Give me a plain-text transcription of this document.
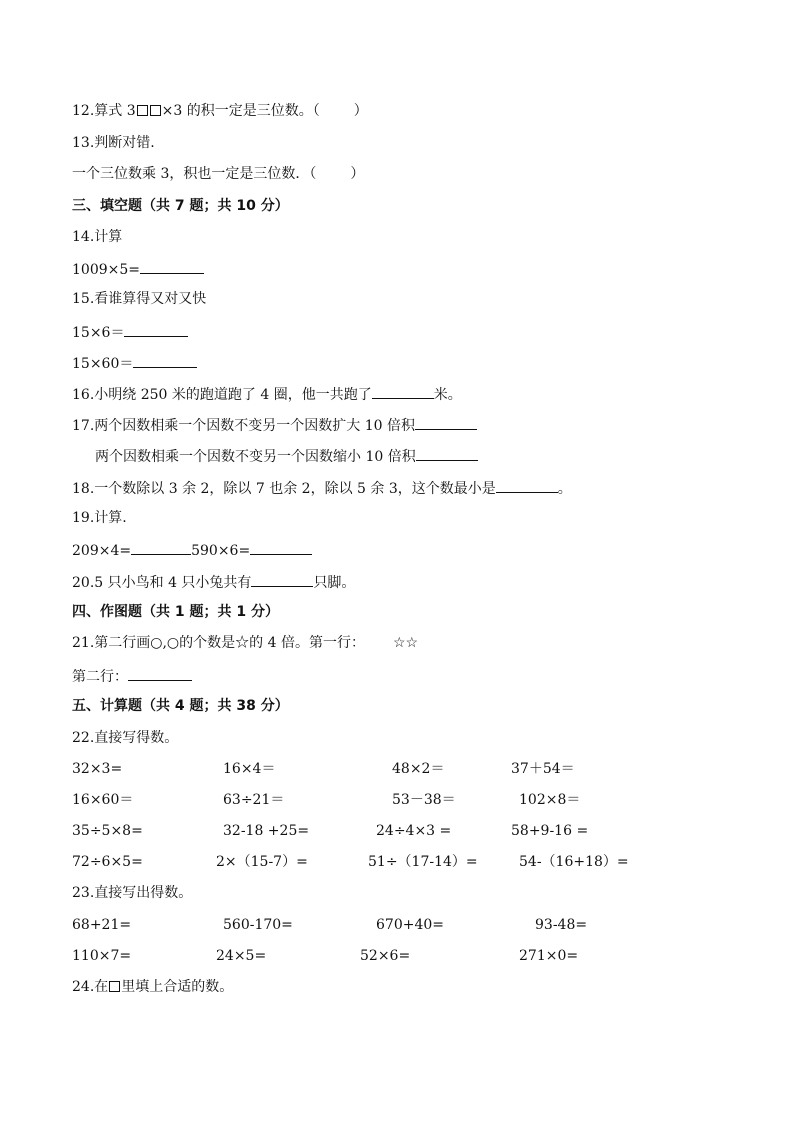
12.算式 3 ×3 的积一定是三位数。（ ）
13.判断对错.
一个三位数乘 3，积也一定是三位数．（ ）
三、填空题（共 7 题；共 10 分）
14.计算
1009×5=
15.看谁算得又对又快
15×6＝
15×60＝
16.小明绕 250 米的跑道跑了 4 圈，他一共跑了	米。
17.两个因数相乘一个因数不变另一个因数扩大 10 倍积
两个因数相乘一个因数不变另一个因数缩小 10 倍积
18.一个数除以 3 余 2，除以 7 也余 2，除以 5 余 3，这个数最小是	。
19.计算.
209×4=	590×6=
20.5 只小鸟和 4 只小兔共有	只脚。
四、作图题（共 1 题；共 1 分）
21.第二行画○,○的个数是☆的 4 倍。第一行： ☆☆
第二行：
五、计算题（共 4 题；共 38 分）
22.直接写得数。
32×3=	16×4＝	48×2＝	37＋54＝
16×60＝	63÷21＝	53－38＝	102×8＝
35÷5×8=	32-18 +25=	24÷4×3 =	58+9-16 =
72÷6×5=	2×（15-7）=	51÷（17-14）=	54-（16+18）=
23.直接写出得数。
68+21=	560-170=	670+40=	93-48=
110×7=	24×5=	52×6=	271×0=
24.在 里填上合适的数。
